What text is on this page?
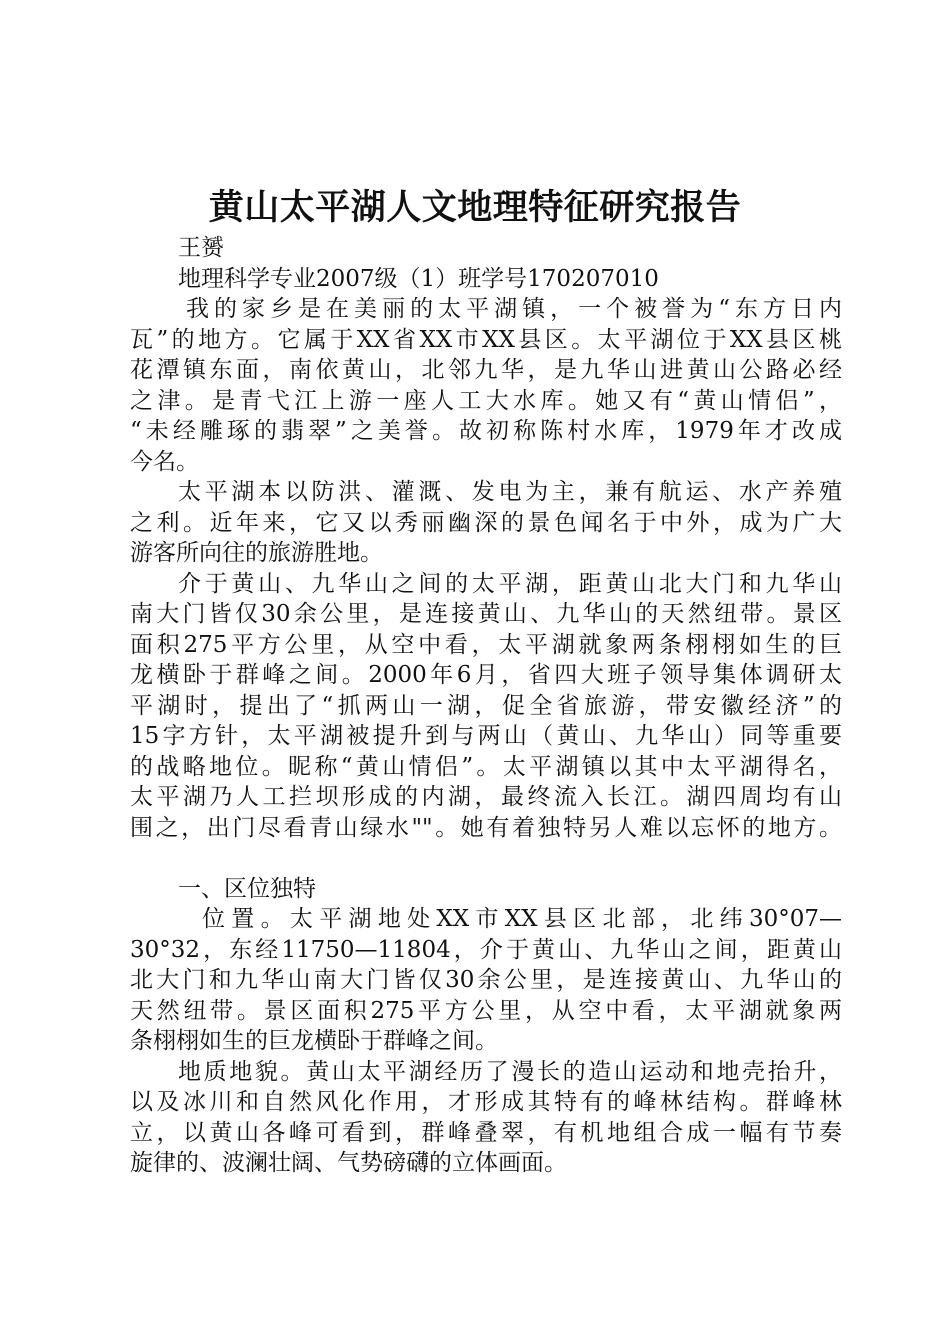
黄山太平湖人文地理特征研究报告
王赟
地理科学专业2007级（1）班学号170207010
我的家乡是在美丽的太平湖镇，一个被誉为“东方日内
瓦”的地方。它属于XX省XX市XX县区。太平湖位于XX县区桃
花潭镇东面，南依黄山，北邻九华，是九华山进黄山公路必经
之津。是青弋江上游一座人工大水库。她又有“黄山情侣”，
“未经雕琢的翡翠”之美誉。故初称陈村水库，1979年才改成
今名。
太平湖本以防洪、灌溉、发电为主，兼有航运、水产养殖
之利。近年来，它又以秀丽幽深的景色闻名于中外，成为广大
游客所向往的旅游胜地。
介于黄山、九华山之间的太平湖，距黄山北大门和九华山
南大门皆仅30余公里，是连接黄山、九华山的天然纽带。景区
面积275平方公里，从空中看，太平湖就象两条栩栩如生的巨
龙横卧于群峰之间。2000年6月，省四大班子领导集体调研太
平湖时，提出了“抓两山一湖，促全省旅游，带安徽经济”的
15字方针，太平湖被提升到与两山（黄山、九华山）同等重要
的战略地位。昵称“黄山情侣”。太平湖镇以其中太平湖得名，
太平湖乃人工拦坝形成的内湖，最终流入长江。湖四周均有山
围之，出门尽看青山绿水""。她有着独特另人难以忘怀的地方。
一、区位独特
位置。太平湖地处XX市XX县区北部，北纬30°07—
30°32，东经11750—11804，介于黄山、九华山之间，距黄山
北大门和九华山南大门皆仅30余公里，是连接黄山、九华山的
天然纽带。景区面积275平方公里，从空中看，太平湖就象两
条栩栩如生的巨龙横卧于群峰之间。
地质地貌。黄山太平湖经历了漫长的造山运动和地壳抬升，
以及冰川和自然风化作用，才形成其特有的峰林结构。群峰林
立，以黄山各峰可看到，群峰叠翠，有机地组合成一幅有节奏
旋律的、波澜壮阔、气势磅礴的立体画面。
